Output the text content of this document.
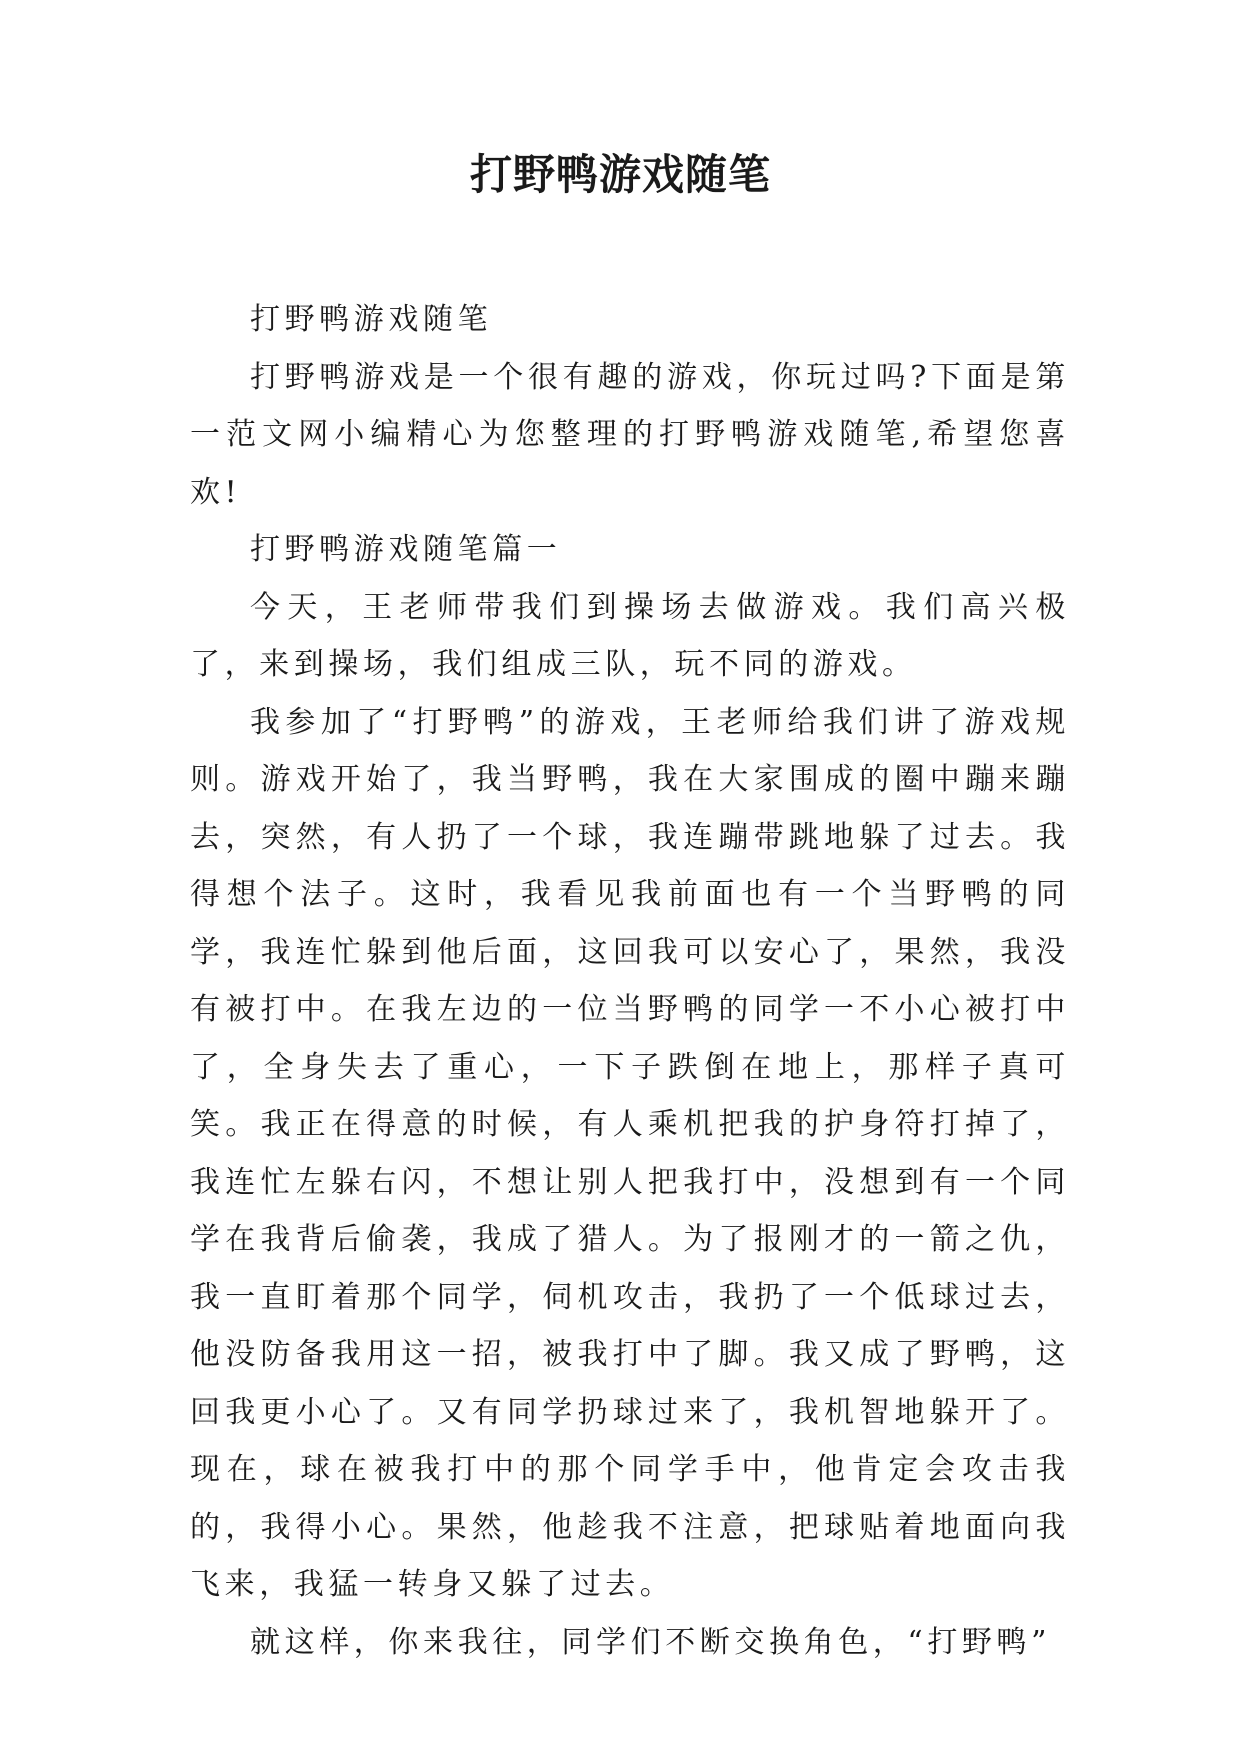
打野鸭游戏随笔

打野鸭游戏随笔

打野鸭游戏是一个很有趣的游戏，你玩过吗?下面是第一范文网小编精心为您整理的打野鸭游戏随笔,希望您喜欢!

打野鸭游戏随笔篇一

今天，王老师带我们到操场去做游戏。我们高兴极了，来到操场，我们组成三队，玩不同的游戏。

我参加了“打野鸭”的游戏，王老师给我们讲了游戏规则。游戏开始了，我当野鸭，我在大家围成的圈中蹦来蹦去，突然，有人扔了一个球，我连蹦带跳地躲了过去。我得想个法子。这时，我看见我前面也有一个当野鸭的同学，我连忙躲到他后面，这回我可以安心了，果然，我没有被打中。在我左边的一位当野鸭的同学一不小心被打中了，全身失去了重心，一下子跌倒在地上，那样子真可笑。我正在得意的时候，有人乘机把我的护身符打掉了，我连忙左躲右闪，不想让别人把我打中，没想到有一个同学在我背后偷袭，我成了猎人。为了报刚才的一箭之仇，我一直盯着那个同学，伺机攻击，我扔了一个低球过去，他没防备我用这一招，被我打中了脚。我又成了野鸭，这回我更小心了。又有同学扔球过来了，我机智地躲开了。现在，球在被我打中的那个同学手中，他肯定会攻击我的，我得小心。果然，他趁我不注意，把球贴着地面向我飞来，我猛一转身又躲了过去。

就这样，你来我往，同学们不断交换角色，“打野鸭”
